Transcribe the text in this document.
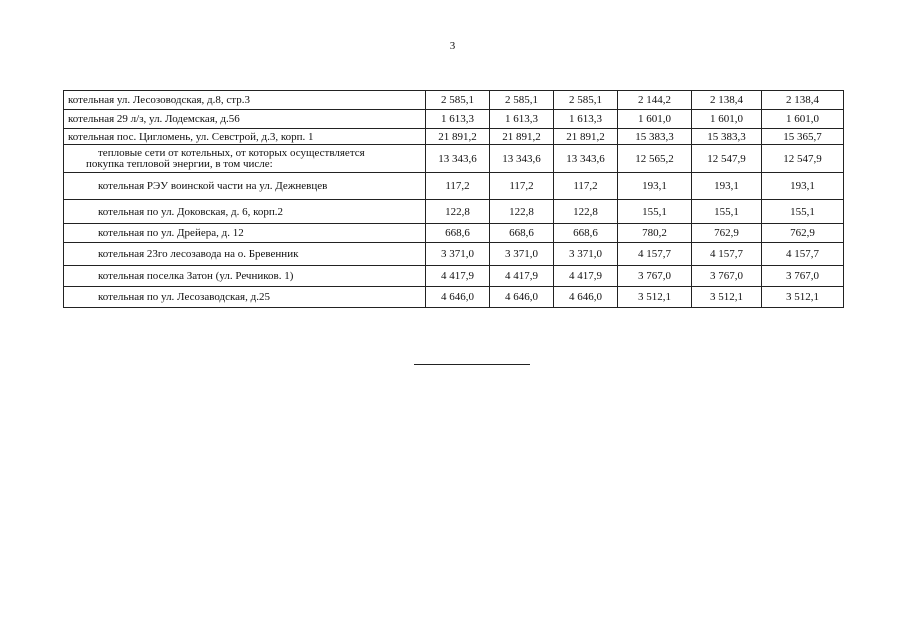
3
котельная ул. Лесозоводская, д.8, стр.3	2 585,1	2 585,1	2 585,1	2 144,2	2 138,4	2 138,4
котельная 29 л/з, ул. Лодемская, д.56	1 613,3	1 613,3	1 613,3	1 601,0	1 601,0	1 601,0
котельная пос. Цигломень, ул. Севстрой, д.3, корп. 1	21 891,2	21 891,2	21 891,2	15 383,3	15 383,3	15 365,7

тепловые сети от котельных, от которых осуществляется
покупка тепловой энергии, в том числе:	13 343,6	13 343,6	13 343,6	12 565,2	12 547,9	12 547,9
котельная РЭУ воинской части на ул. Дежневцев	117,2	117,2	117,2	193,1	193,1	193,1
котельная по ул. Доковская, д. 6, корп.2	122,8	122,8	122,8	155,1	155,1	155,1
котельная по ул. Дрейера, д. 12	668,6	668,6	668,6	780,2	762,9	762,9
котельная 23го лесозавода на о. Бревенник	3 371,0	3 371,0	3 371,0	4 157,7	4 157,7	4 157,7
котельная поселка Затон (ул. Речников. 1)	4 417,9	4 417,9	4 417,9	3 767,0	3 767,0	3 767,0
котельная по ул. Лесозаводская, д.25	4 646,0	4 646,0	4 646,0	3 512,1	3 512,1	3 512,1
